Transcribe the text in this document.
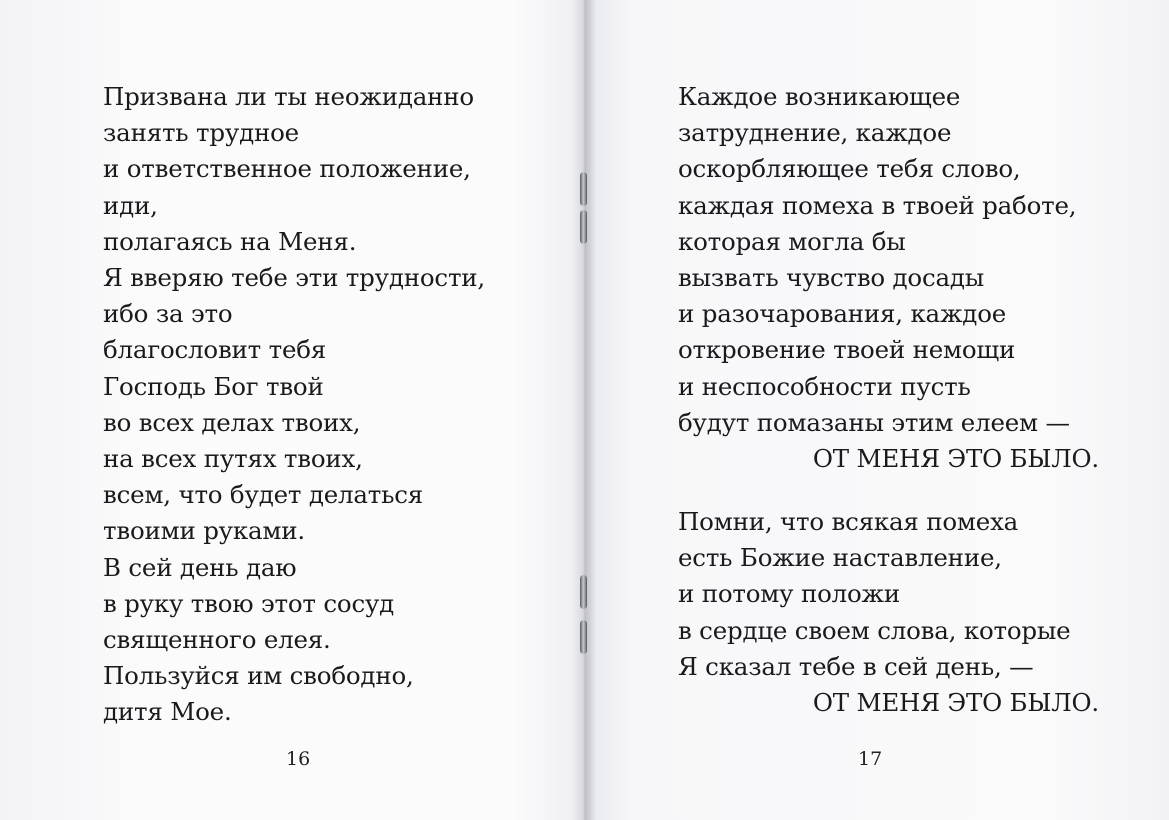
Призвана ли ты неожиданно
занять трудное
и ответственное положение,
иди,
полагаясь на Меня.
Я вверяю тебе эти трудности,
ибо за это
благословит тебя
Господь Бог твой
во всех делах твоих,
на всех путях твоих,
всем, что будет делаться
твоими руками.
В сей день даю
в руку твою этот сосуд
священного елея.
Пользуйся им свободно,
дитя Мое.

16

Каждое возникающее
затруднение, каждое
оскорбляющее тебя слово,
каждая помеха в твоей работе,
которая могла бы
вызвать чувство досады
и разочарования, каждое
откровение твоей немощи
и неспособности пусть
будут помазаны этим елеем —
ОТ МЕНЯ ЭТО БЫЛО.

Помни, что всякая помеха
есть Божие наставление,
и потому положи
в сердце своем слова, которые
Я сказал тебе в сей день, —
ОТ МЕНЯ ЭТО БЫЛО.

17
